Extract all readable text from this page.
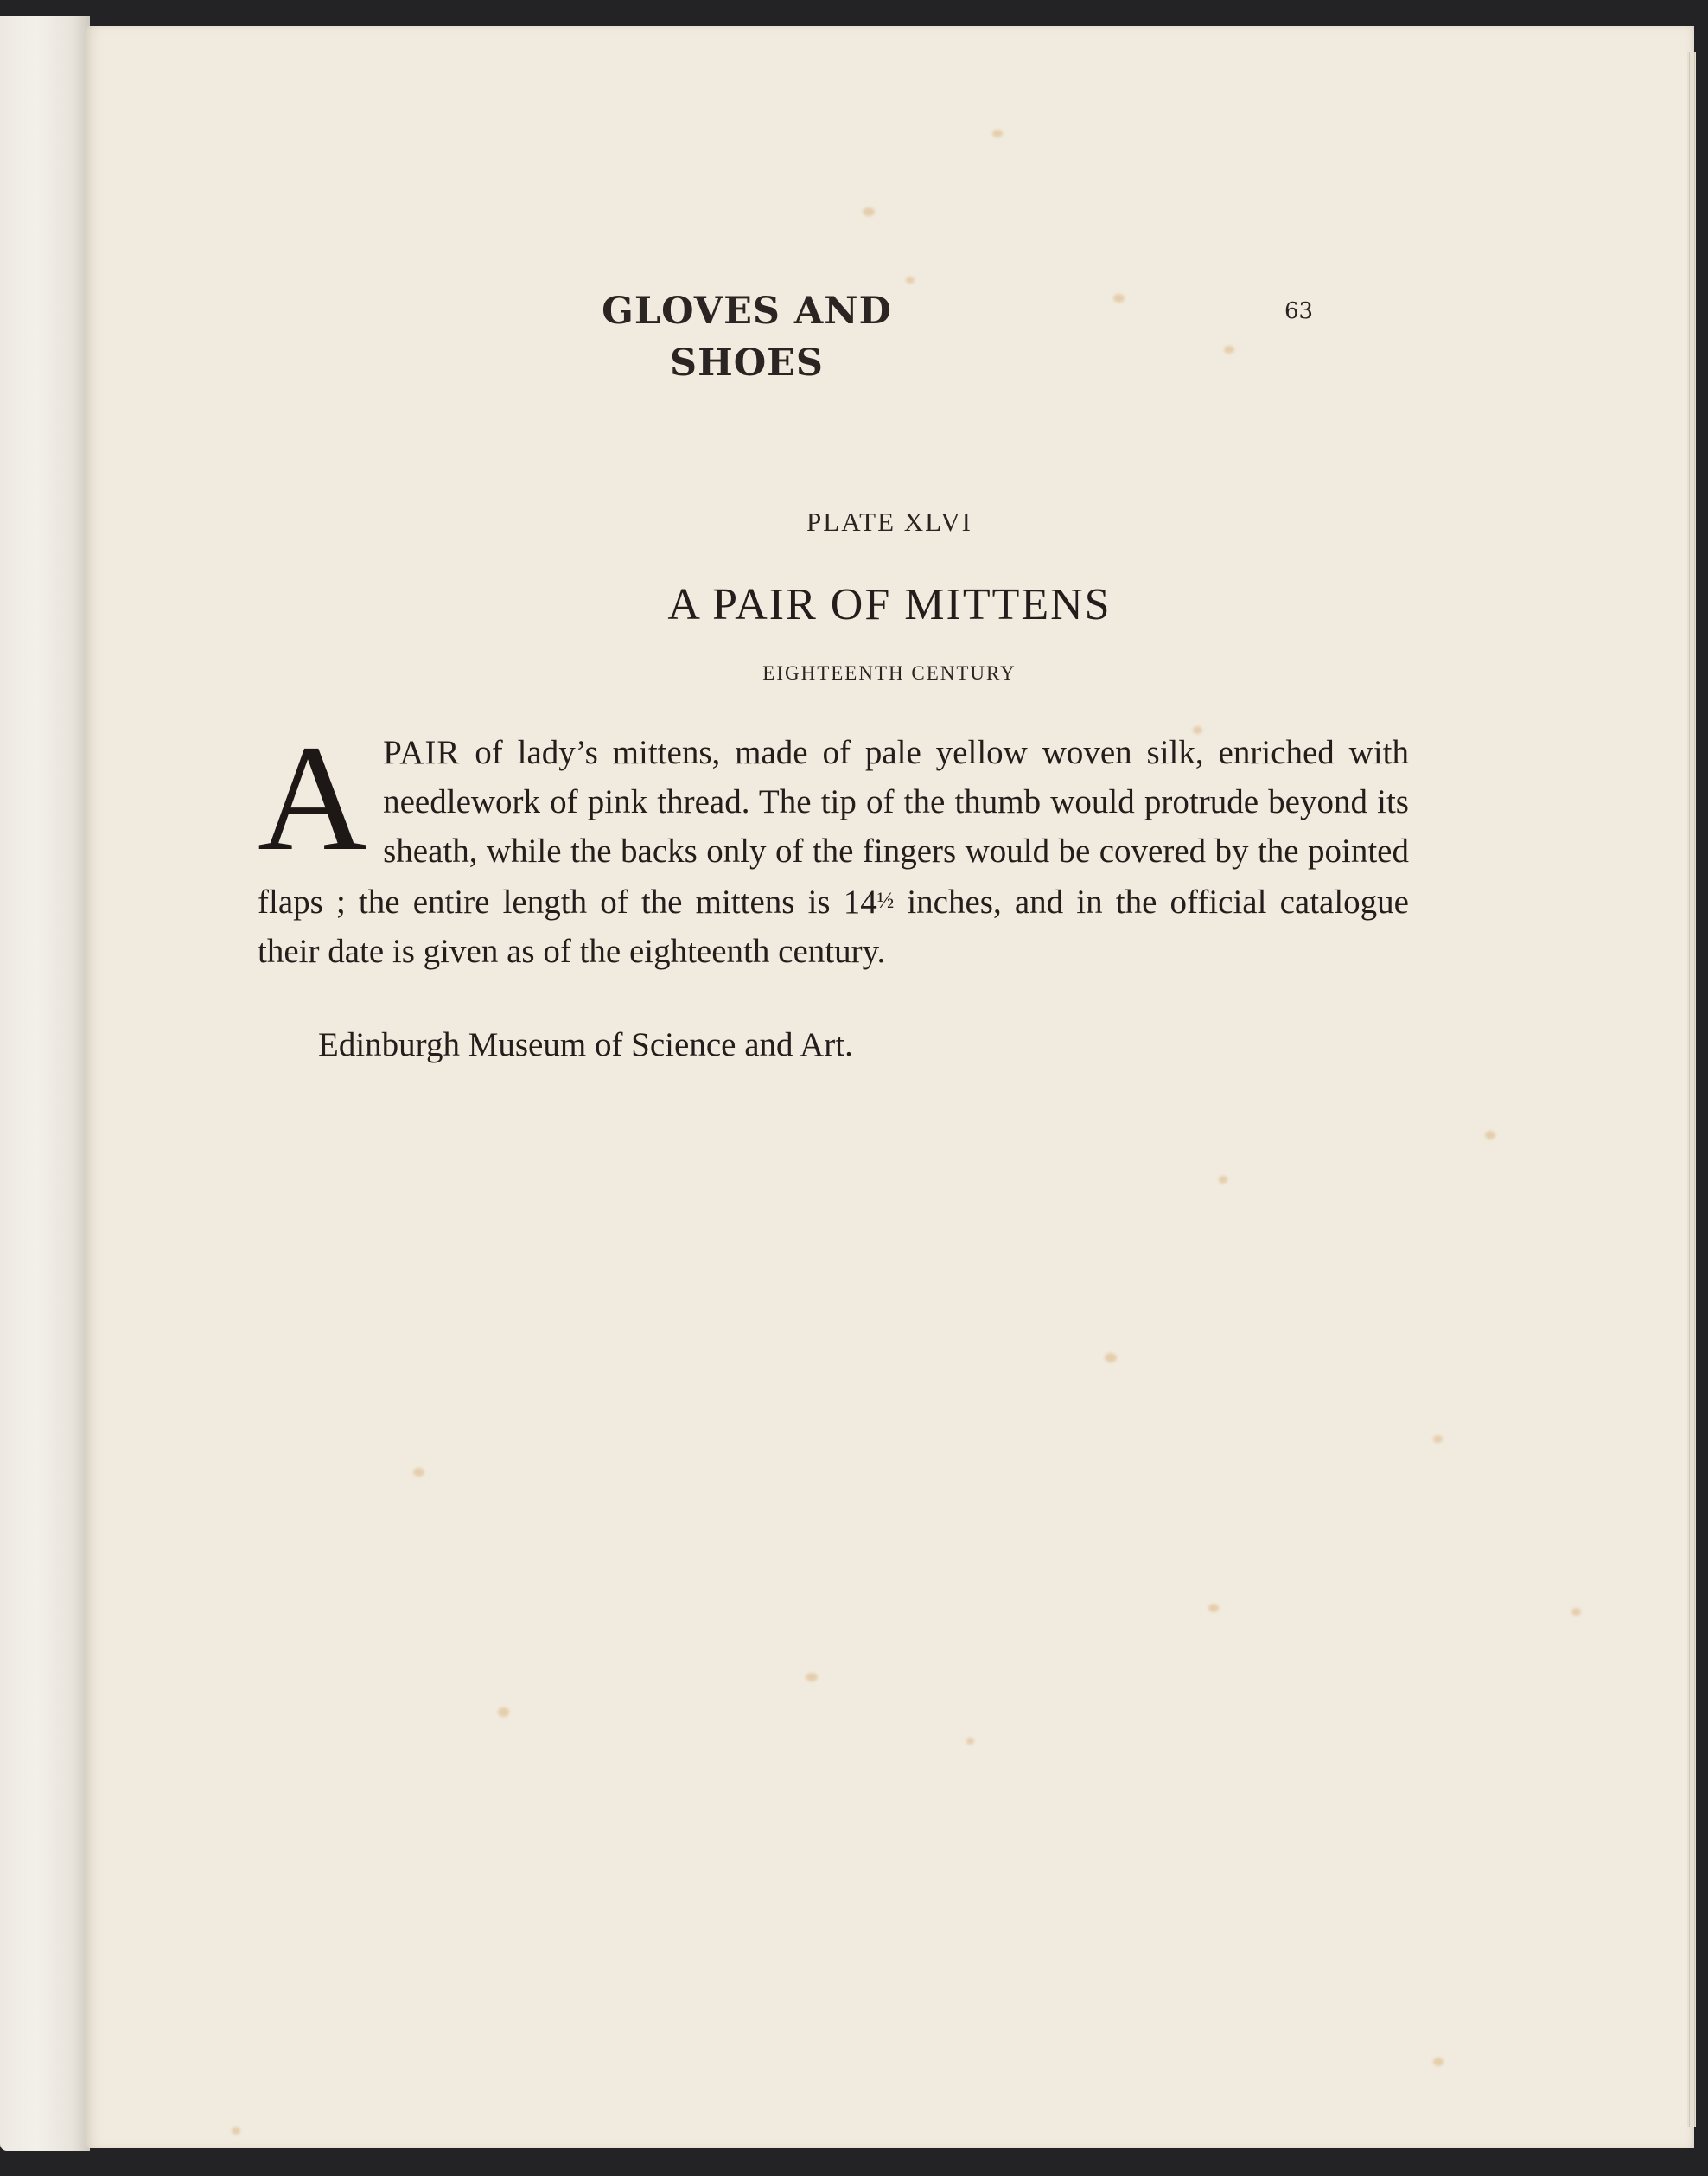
GLOVES AND SHOES
63
PLATE XLVI
A PAIR OF MITTENS
EIGHTEENTH CENTURY
APAIR of lady’s mittens, made of pale yellow woven silk, enriched with needlework of pink thread. The tip of the thumb would protrude beyond its sheath, while the backs only of the fingers would be covered by the pointed flaps ; the entire length of the mittens is 14½ inches, and in the official catalogue their date is given as of the eighteenth century.
Edinburgh Museum of Science and Art.
